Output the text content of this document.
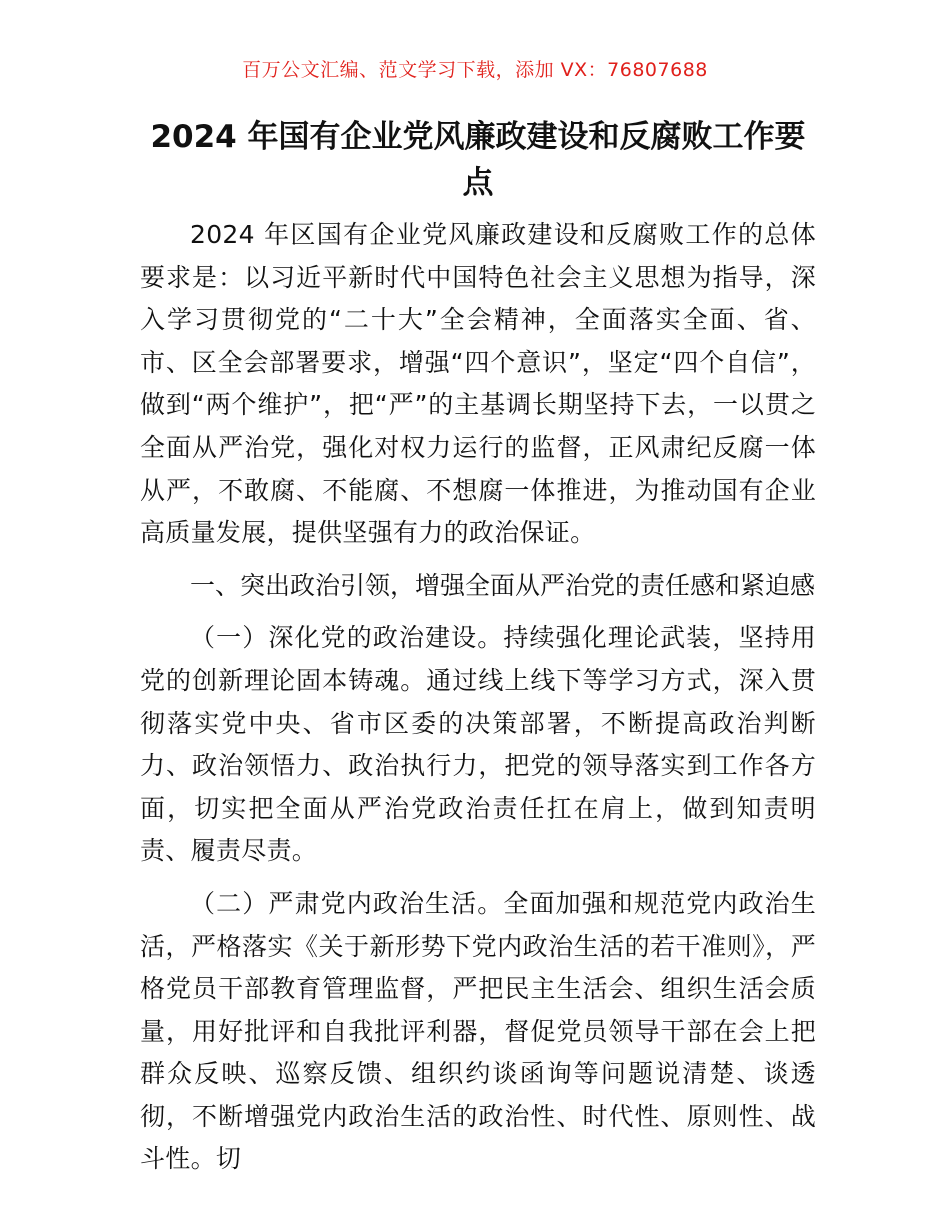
百万公文汇编、范文学习下载，添加 VX：76807688
2024 年国有企业党风廉政建设和反腐败工作要点

2024 年区国有企业党风廉政建设和反腐败工作的总体要求是：以习近平新时代中国特色社会主义思想为指导，深入学习贯彻党的“二十大”全会精神，全面落实全面、省、市、区全会部署要求，增强“四个意识”，坚定“四个自信”，做到“两个维护”，把“严”的主基调长期坚持下去，一以贯之全面从严治党，强化对权力运行的监督，正风肃纪反腐一体从严，不敢腐、不能腐、不想腐一体推进，为推动国有企业高质量发展，提供坚强有力的政治保证。

一、突出政治引领，增强全面从严治党的责任感和紧迫感

（一）深化党的政治建设。持续强化理论武装，坚持用党的创新理论固本铸魂。通过线上线下等学习方式，深入贯彻落实党中央、省市区委的决策部署，不断提高政治判断力、政治领悟力、政治执行力，把党的领导落实到工作各方面，切实把全面从严治党政治责任扛在肩上，做到知责明责、履责尽责。

（二）严肃党内政治生活。全面加强和规范党内政治生活，严格落实《关于新形势下党内政治生活的若干准则》，严格党员干部教育管理监督，严把民主生活会、组织生活会质量，用好批评和自我批评利器，督促党员领导干部在会上把群众反映、巡察反馈、组织约谈函询等问题说清楚、谈透彻，不断增强党内政治生活的政治性、时代性、原则性、战斗性。切
